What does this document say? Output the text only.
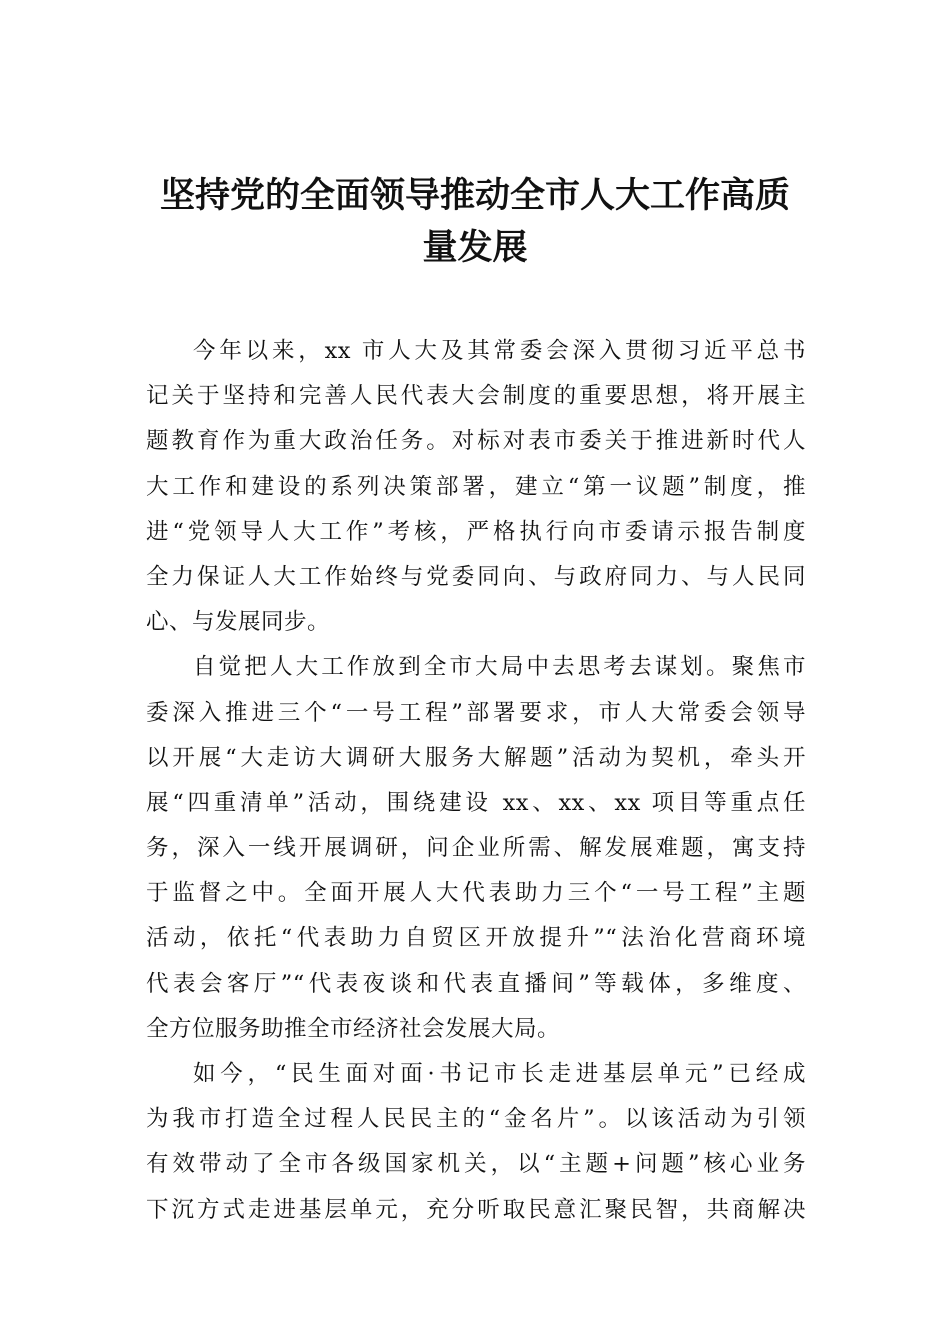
坚持党的全面领导推动全市人大工作高质
量发展
今年以来，xx 市人大及其常委会深入贯彻习近平总书
记关于坚持和完善人民代表大会制度的重要思想，将开展主
题教育作为重大政治任务。对标对表市委关于推进新时代人
大工作和建设的系列决策部署，建立“第一议题”制度，推
进“党领导人大工作”考核，严格执行向市委请示报告制度
全力保证人大工作始终与党委同向、与政府同力、与人民同
心、与发展同步。
自觉把人大工作放到全市大局中去思考去谋划。聚焦市
委深入推进三个“一号工程”部署要求，市人大常委会领导
以开展“大走访大调研大服务大解题”活动为契机，牵头开
展“四重清单”活动，围绕建设 xx、xx、xx 项目等重点任
务，深入一线开展调研，问企业所需、解发展难题，寓支持
于监督之中。全面开展人大代表助力三个“一号工程”主题
活动，依托“代表助力自贸区开放提升”“法治化营商环境
代表会客厅”“代表夜谈和代表直播间”等载体，多维度、
全方位服务助推全市经济社会发展大局。
如今，“民生面对面·书记市长走进基层单元”已经成
为我市打造全过程人民民主的“金名片”。以该活动为引领
有效带动了全市各级国家机关，以“主题+问题”核心业务
下沉方式走进基层单元，充分听取民意汇聚民智，共商解决
